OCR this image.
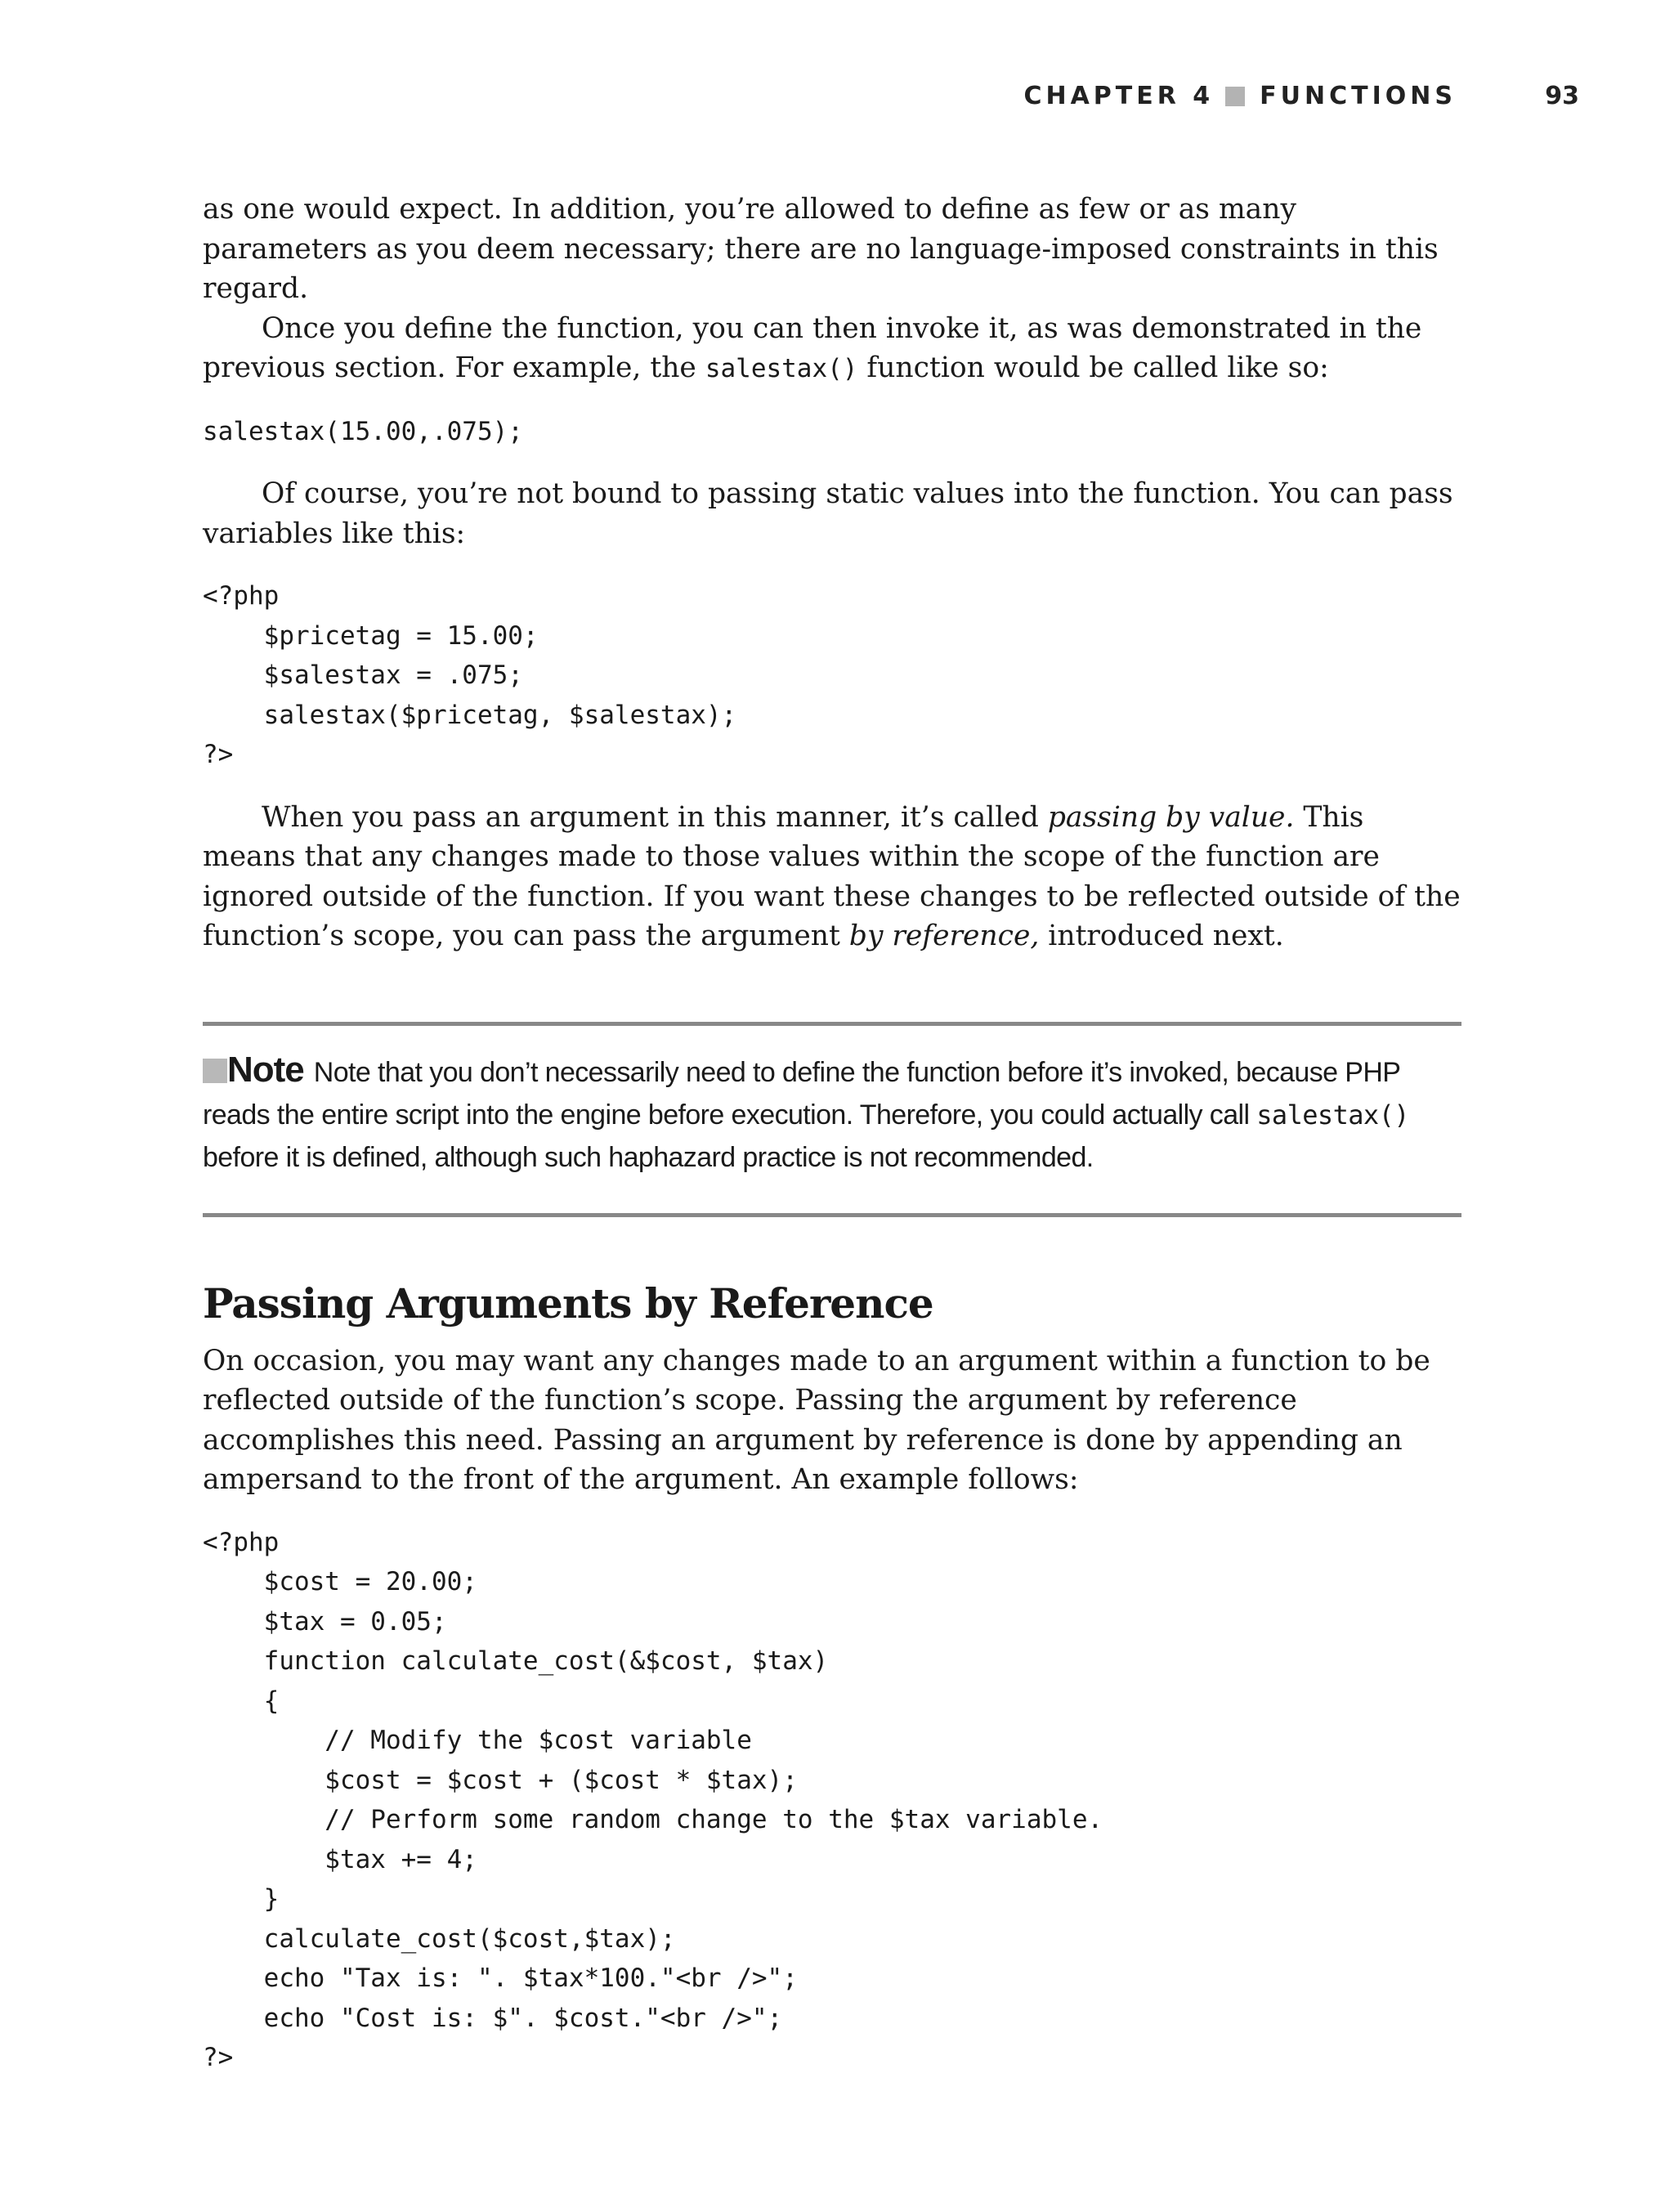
CHAPTER 4 FUNCTIONS	93

as one would expect. In addition, you’re allowed to define as few or as many parameters as you deem necessary; there are no language-imposed constraints in this regard.

Once you define the function, you can then invoke it, as was demonstrated in the previous section. For example, the salestax() function would be called like so:

salestax(15.00,.075);

Of course, you’re not bound to passing static values into the function. You can pass variables like this:

<?php
$pricetag = 15.00;
$salestax = .075;
salestax($pricetag, $salestax);
?>

When you pass an argument in this manner, it’s called passing by value. This means that any changes made to those values within the scope of the function are ignored outside of the function. If you want these changes to be reflected outside of the function’s scope, you can pass the argument by reference, introduced next.

Note Note that you don’t necessarily need to define the function before it’s invoked, because PHP reads the entire script into the engine before execution. Therefore, you could actually call salestax() before it is defined, although such haphazard practice is not recommended.

Passing Arguments by Reference

On occasion, you may want any changes made to an argument within a function to be reflected outside of the function’s scope. Passing the argument by reference accomplishes this need. Passing an argument by reference is done by appending an ampersand to the front of the argument. An example follows:

<?php
$cost = 20.00;
$tax = 0.05;
function calculate_cost(&$cost, $tax)
{
// Modify the $cost variable
$cost = $cost + ($cost * $tax);
// Perform some random change to the $tax variable.
$tax += 4;
}
calculate_cost($cost,$tax);
echo "Tax is: ". $tax*100."<br />";
echo "Cost is: $". $cost."<br />";
?>
